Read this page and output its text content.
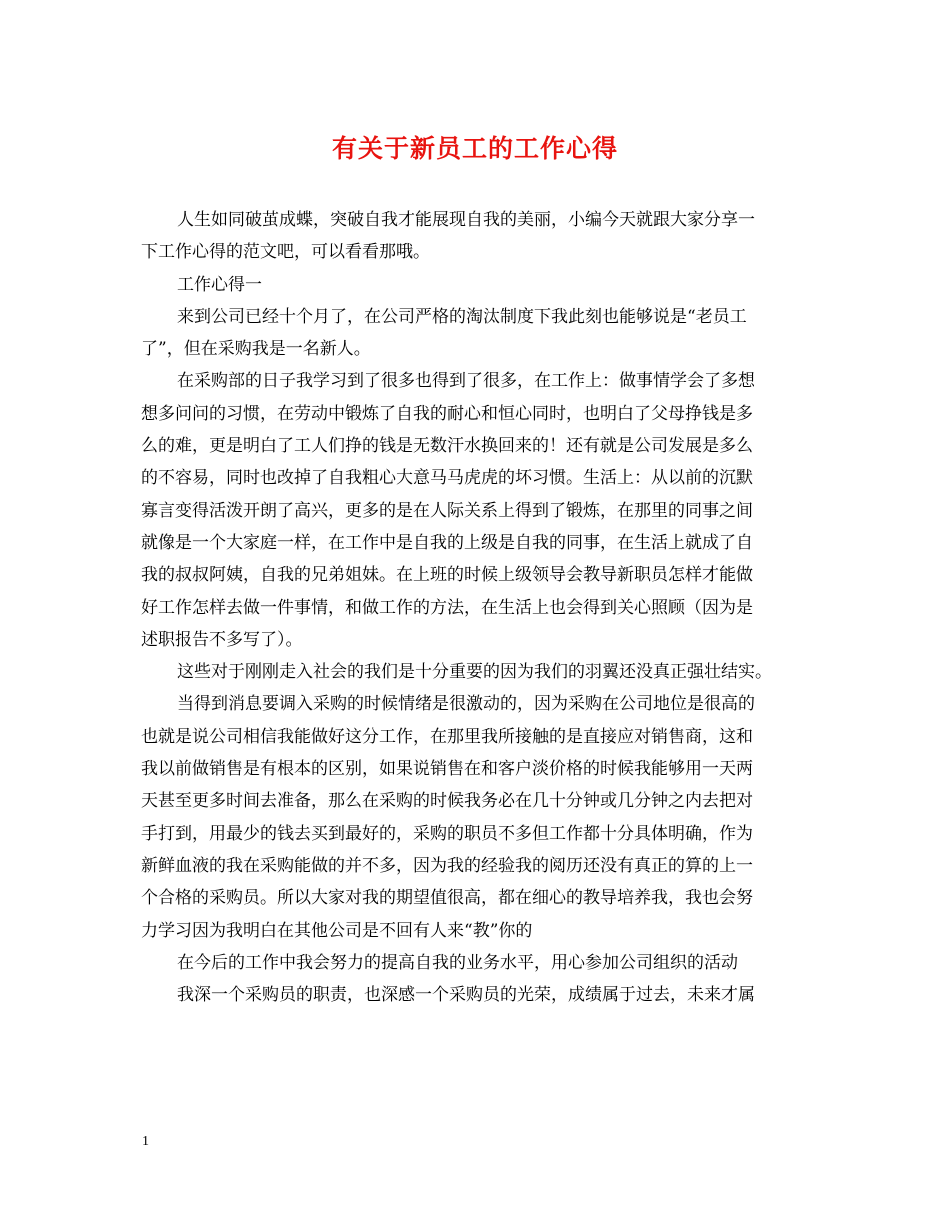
有关于新员工的工作心得
人生如同破茧成蝶，突破自我才能展现自我的美丽，小编今天就跟大家分享一
下工作心得的范文吧，可以看看那哦。
工作心得一
来到公司已经十个月了，在公司严格的淘汰制度下我此刻也能够说是“老员工
了”，但在采购我是一名新人。
在采购部的日子我学习到了很多也得到了很多，在工作上：做事情学会了多想
想多问问的习惯，在劳动中锻炼了自我的耐心和恒心同时，也明白了父母挣钱是多
么的难，更是明白了工人们挣的钱是无数汗水换回来的！还有就是公司发展是多么
的不容易，同时也改掉了自我粗心大意马马虎虎的坏习惯。生活上：从以前的沉默
寡言变得活泼开朗了高兴，更多的是在人际关系上得到了锻炼，在那里的同事之间
就像是一个大家庭一样，在工作中是自我的上级是自我的同事，在生活上就成了自
我的叔叔阿姨，自我的兄弟姐妹。在上班的时候上级领导会教导新职员怎样才能做
好工作怎样去做一件事情，和做工作的方法，在生活上也会得到关心照顾（因为是
述职报告不多写了）。
这些对于刚刚走入社会的我们是十分重要的因为我们的羽翼还没真正强壮结实。
当得到消息要调入采购的时候情绪是很激动的，因为采购在公司地位是很高的
也就是说公司相信我能做好这分工作，在那里我所接触的是直接应对销售商，这和
我以前做销售是有根本的区别，如果说销售在和客户淡价格的时候我能够用一天两
天甚至更多时间去准备，那么在采购的时候我务必在几十分钟或几分钟之内去把对
手打到，用最少的钱去买到最好的，采购的职员不多但工作都十分具体明确，作为
新鲜血液的我在采购能做的并不多，因为我的经验我的阅历还没有真正的算的上一
个合格的采购员。所以大家对我的期望值很高，都在细心的教导培养我，我也会努
力学习因为我明白在其他公司是不回有人来“教”你的
在今后的工作中我会努力的提高自我的业务水平，用心参加公司组织的活动
我深一个采购员的职责，也深感一个采购员的光荣，成绩属于过去，未来才属
1
